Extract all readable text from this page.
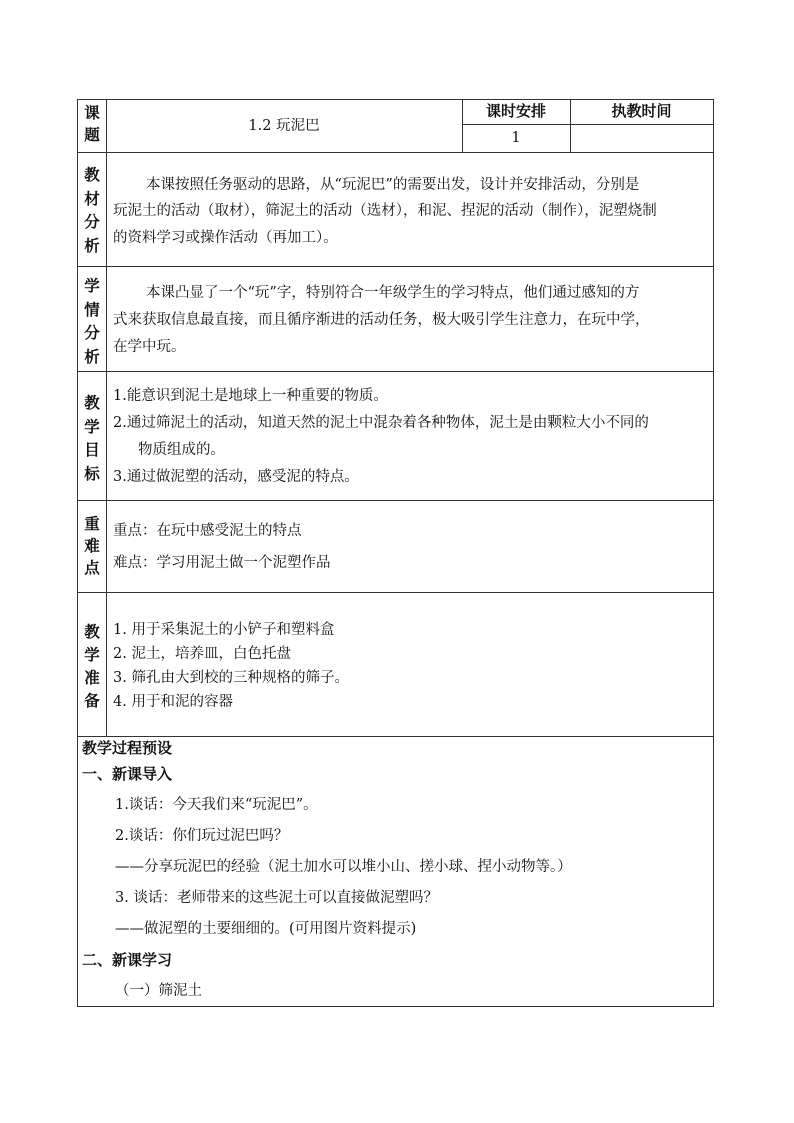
课
题	1.2 玩泥巴
课时安排	执教时间
1
教
材
分
析
本课按照任务驱动的思路，从“玩泥巴”的需要出发，设计并安排活动，分别是
玩泥土的活动（取材），筛泥土的活动（选材），和泥、捏泥的活动（制作），泥塑烧制
的资料学习或操作活动（再加工）。
学
情
分
析
本课凸显了一个“玩”字，特别符合一年级学生的学习特点，他们通过感知的方
式来获取信息最直接，而且循序渐进的活动任务，极大吸引学生注意力，在玩中学，
在学中玩。
教
学
目
标
1.能意识到泥土是地球上一种重要的物质。
2.通过筛泥土的活动，知道天然的泥土中混杂着各种物体，泥土是由颗粒大小不同的
物质组成的。
3.通过做泥塑的活动，感受泥的特点。
重
难
点
重点：在玩中感受泥土的特点
难点：学习用泥土做一个泥塑作品
教
学
准
备
1. 用于采集泥土的小铲子和塑料盒
2. 泥土，培养皿，白色托盘
3. 筛孔由大到校的三种规格的筛子。
4. 用于和泥的容器
教学过程预设
一、新课导入
1.谈话：今天我们来“玩泥巴”。
2.谈话：你们玩过泥巴吗？
——分享玩泥巴的经验（泥土加水可以堆小山、搓小球、捏小动物等。）
3. 谈话：老师带来的这些泥土可以直接做泥塑吗？
——做泥塑的土要细细的。(可用图片资料提示)
二、新课学习
（一）筛泥土
